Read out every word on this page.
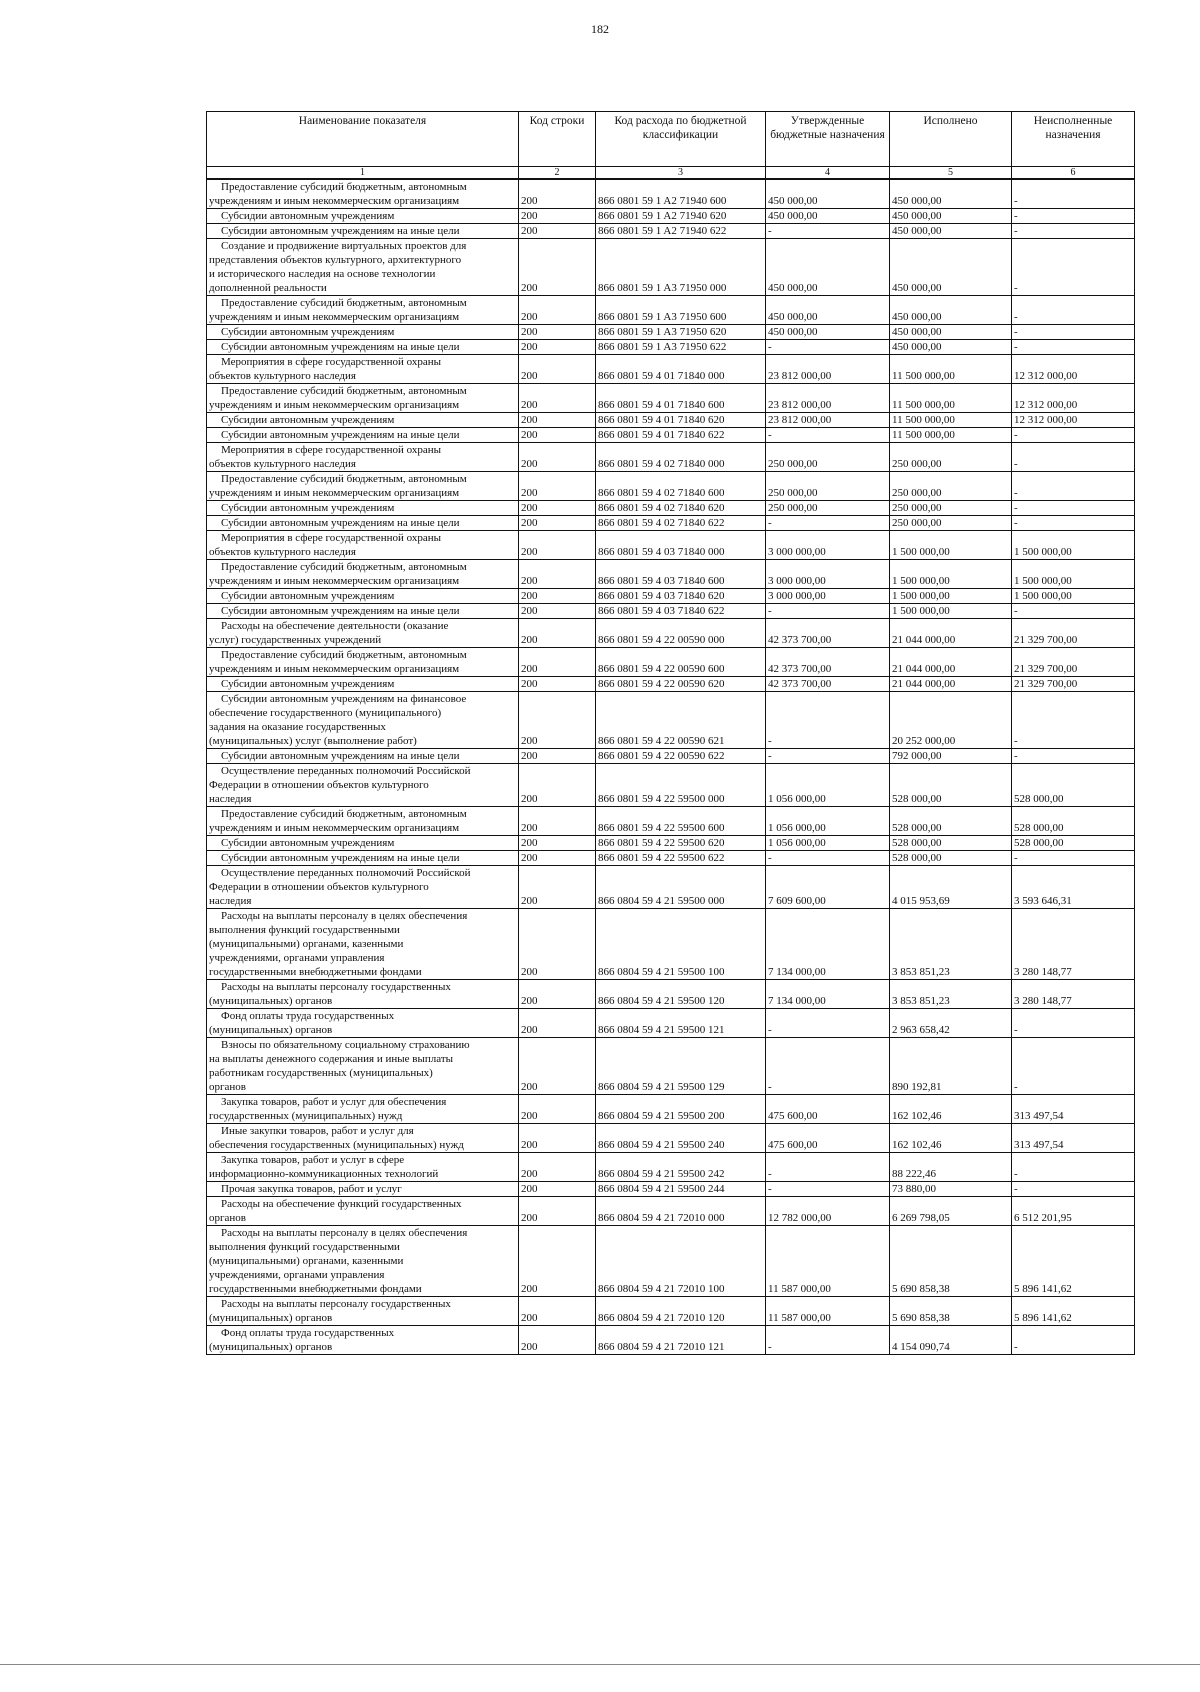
182
Наименование показателя	Код строки	Код расхода по бюджетной классификации	Утвержденные бюджетные назначения	Исполнено	Неисполненные назначения
1	2	3	4	5	6

Предоставление субсидий бюджетным, автономным
учреждениям и иным некоммерческим организациям	200	866 0801 59 1 A2 71940 600	450 000,00	450 000,00	-

Субсидии автономным учреждениям	200	866 0801 59 1 A2 71940 620	450 000,00	450 000,00	-

Субсидии автономным учреждениям на иные цели	200	866 0801 59 1 A2 71940 622	-	450 000,00	-

Создание и продвижение виртуальных проектов для
представления объектов культурного, архитектурного
и исторического наследия на основе технологии
дополненной реальности	200	866 0801 59 1 A3 71950 000	450 000,00	450 000,00	-

Предоставление субсидий бюджетным, автономным
учреждениям и иным некоммерческим организациям	200	866 0801 59 1 A3 71950 600	450 000,00	450 000,00	-

Субсидии автономным учреждениям	200	866 0801 59 1 A3 71950 620	450 000,00	450 000,00	-

Субсидии автономным учреждениям на иные цели	200	866 0801 59 1 A3 71950 622	-	450 000,00	-

Мероприятия в сфере государственной охраны
объектов культурного наследия	200	866 0801 59 4 01 71840 000	23 812 000,00	11 500 000,00	12 312 000,00

Предоставление субсидий бюджетным, автономным
учреждениям и иным некоммерческим организациям	200	866 0801 59 4 01 71840 600	23 812 000,00	11 500 000,00	12 312 000,00

Субсидии автономным учреждениям	200	866 0801 59 4 01 71840 620	23 812 000,00	11 500 000,00	12 312 000,00

Субсидии автономным учреждениям на иные цели	200	866 0801 59 4 01 71840 622	-	11 500 000,00	-

Мероприятия в сфере государственной охраны
объектов культурного наследия	200	866 0801 59 4 02 71840 000	250 000,00	250 000,00	-

Предоставление субсидий бюджетным, автономным
учреждениям и иным некоммерческим организациям	200	866 0801 59 4 02 71840 600	250 000,00	250 000,00	-

Субсидии автономным учреждениям	200	866 0801 59 4 02 71840 620	250 000,00	250 000,00	-

Субсидии автономным учреждениям на иные цели	200	866 0801 59 4 02 71840 622	-	250 000,00	-

Мероприятия в сфере государственной охраны
объектов культурного наследия	200	866 0801 59 4 03 71840 000	3 000 000,00	1 500 000,00	1 500 000,00

Предоставление субсидий бюджетным, автономным
учреждениям и иным некоммерческим организациям	200	866 0801 59 4 03 71840 600	3 000 000,00	1 500 000,00	1 500 000,00

Субсидии автономным учреждениям	200	866 0801 59 4 03 71840 620	3 000 000,00	1 500 000,00	1 500 000,00

Субсидии автономным учреждениям на иные цели	200	866 0801 59 4 03 71840 622	-	1 500 000,00	-

Расходы на обеспечение деятельности (оказание
услуг) государственных учреждений	200	866 0801 59 4 22 00590 000	42 373 700,00	21 044 000,00	21 329 700,00

Предоставление субсидий бюджетным, автономным
учреждениям и иным некоммерческим организациям	200	866 0801 59 4 22 00590 600	42 373 700,00	21 044 000,00	21 329 700,00

Субсидии автономным учреждениям	200	866 0801 59 4 22 00590 620	42 373 700,00	21 044 000,00	21 329 700,00

Субсидии автономным учреждениям на финансовое
обеспечение государственного (муниципального)
задания на оказание государственных
(муниципальных) услуг (выполнение работ)	200	866 0801 59 4 22 00590 621	-	20 252 000,00	-

Субсидии автономным учреждениям на иные цели	200	866 0801 59 4 22 00590 622	-	792 000,00	-

Осуществление переданных полномочий Российской
Федерации в отношении объектов культурного
наследия	200	866 0801 59 4 22 59500 000	1 056 000,00	528 000,00	528 000,00

Предоставление субсидий бюджетным, автономным
учреждениям и иным некоммерческим организациям	200	866 0801 59 4 22 59500 600	1 056 000,00	528 000,00	528 000,00

Субсидии автономным учреждениям	200	866 0801 59 4 22 59500 620	1 056 000,00	528 000,00	528 000,00

Субсидии автономным учреждениям на иные цели	200	866 0801 59 4 22 59500 622	-	528 000,00	-

Осуществление переданных полномочий Российской
Федерации в отношении объектов культурного
наследия	200	866 0804 59 4 21 59500 000	7 609 600,00	4 015 953,69	3 593 646,31

Расходы на выплаты персоналу в целях обеспечения
выполнения функций государственными
(муниципальными) органами, казенными
учреждениями, органами управления
государственными внебюджетными фондами	200	866 0804 59 4 21 59500 100	7 134 000,00	3 853 851,23	3 280 148,77

Расходы на выплаты персоналу государственных
(муниципальных) органов	200	866 0804 59 4 21 59500 120	7 134 000,00	3 853 851,23	3 280 148,77

Фонд оплаты труда государственных
(муниципальных) органов	200	866 0804 59 4 21 59500 121	-	2 963 658,42	-

Взносы по обязательному социальному страхованию
на выплаты денежного содержания и иные выплаты
работникам государственных (муниципальных)
органов	200	866 0804 59 4 21 59500 129	-	890 192,81	-

Закупка товаров, работ и услуг для обеспечения
государственных (муниципальных) нужд	200	866 0804 59 4 21 59500 200	475 600,00	162 102,46	313 497,54

Иные закупки товаров, работ и услуг для
обеспечения государственных (муниципальных) нужд	200	866 0804 59 4 21 59500 240	475 600,00	162 102,46	313 497,54

Закупка товаров, работ и услуг в сфере
информационно-коммуникационных технологий	200	866 0804 59 4 21 59500 242	-	88 222,46	-

Прочая закупка товаров, работ и услуг	200	866 0804 59 4 21 59500 244	-	73 880,00	-

Расходы на обеспечение функций государственных
органов	200	866 0804 59 4 21 72010 000	12 782 000,00	6 269 798,05	6 512 201,95

Расходы на выплаты персоналу в целях обеспечения
выполнения функций государственными
(муниципальными) органами, казенными
учреждениями, органами управления
государственными внебюджетными фондами	200	866 0804 59 4 21 72010 100	11 587 000,00	5 690 858,38	5 896 141,62

Расходы на выплаты персоналу государственных
(муниципальных) органов	200	866 0804 59 4 21 72010 120	11 587 000,00	5 690 858,38	5 896 141,62

Фонд оплаты труда государственных
(муниципальных) органов	200	866 0804 59 4 21 72010 121	-	4 154 090,74	-
